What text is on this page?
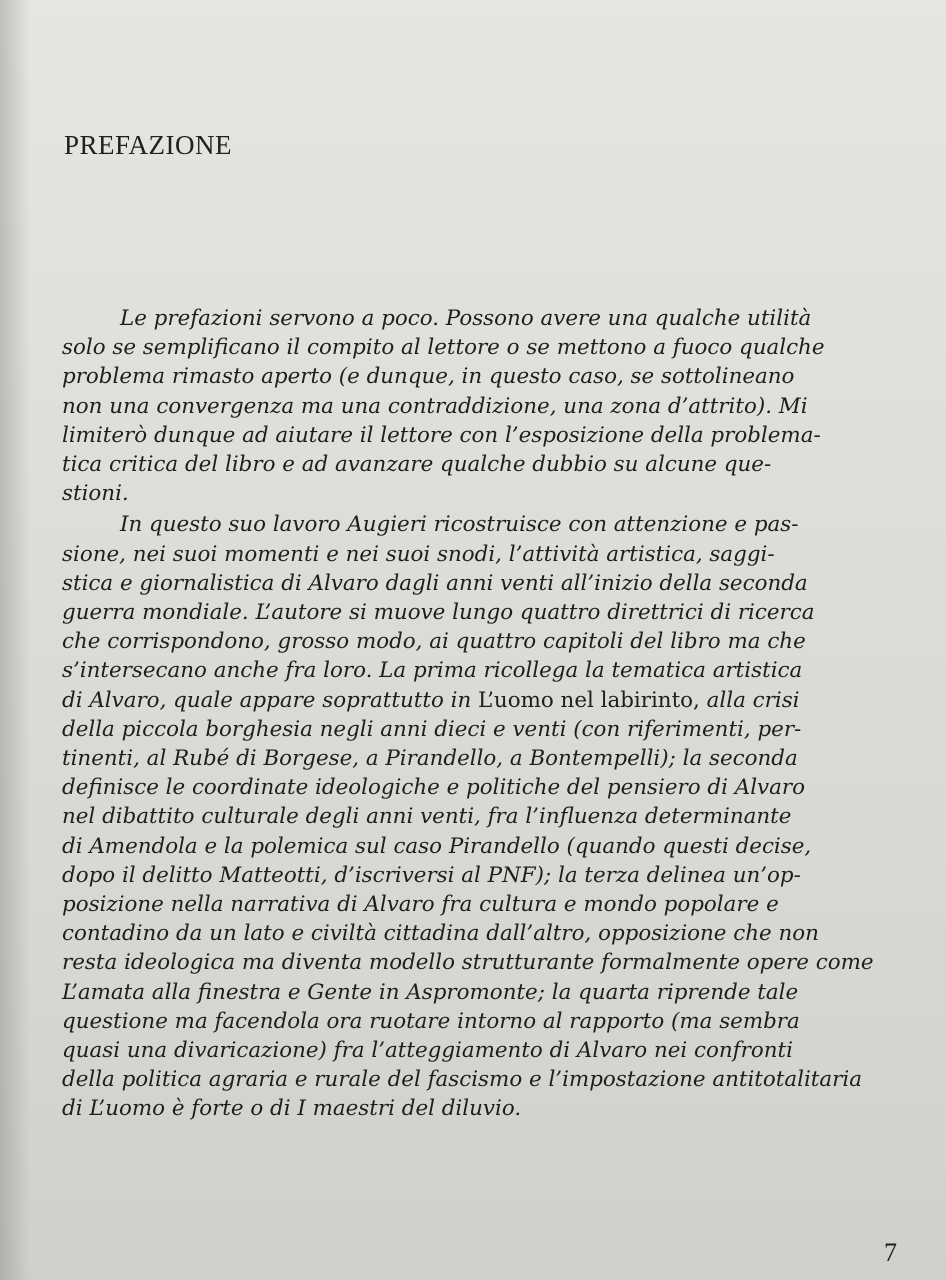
PREFAZIONE
Le prefazioni servono a poco. Possono avere una qualche utilità
solo se semplificano il compito al lettore o se mettono a fuoco qualche
problema rimasto aperto (e dunque, in questo caso, se sottolineano
non una convergenza ma una contraddizione, una zona d’attrito). Mi
limiterò dunque ad aiutare il lettore con l’esposizione della problema-
tica critica del libro e ad avanzare qualche dubbio su alcune que-
stioni.
In questo suo lavoro Augieri ricostruisce con attenzione e pas-
sione, nei suoi momenti e nei suoi snodi, l’attività artistica, saggi-
stica e giornalistica di Alvaro dagli anni venti all’inizio della seconda
guerra mondiale. L’autore si muove lungo quattro direttrici di ricerca
che corrispondono, grosso modo, ai quattro capitoli del libro ma che
s’intersecano anche fra loro. La prima ricollega la tematica artistica
di Alvaro, quale appare soprattutto in L’uomo nel labirinto, alla crisi
della piccola borghesia negli anni dieci e venti (con riferimenti, per-
tinenti, al Rubé di Borgese, a Pirandello, a Bontempelli); la seconda
definisce le coordinate ideologiche e politiche del pensiero di Alvaro
nel dibattito culturale degli anni venti, fra l’influenza determinante
di Amendola e la polemica sul caso Pirandello (quando questi decise,
dopo il delitto Matteotti, d’iscriversi al PNF); la terza delinea un’op-
posizione nella narrativa di Alvaro fra cultura e mondo popolare e
contadino da un lato e civiltà cittadina dall’altro, opposizione che non
resta ideologica ma diventa modello strutturante formalmente opere come
L’amata alla finestra e Gente in Aspromonte; la quarta riprende tale
questione ma facendola ora ruotare intorno al rapporto (ma sembra
quasi una divaricazione) fra l’atteggiamento di Alvaro nei confronti
della politica agraria e rurale del fascismo e l’impostazione antitotalitaria
di L’uomo è forte o di I maestri del diluvio.
7
